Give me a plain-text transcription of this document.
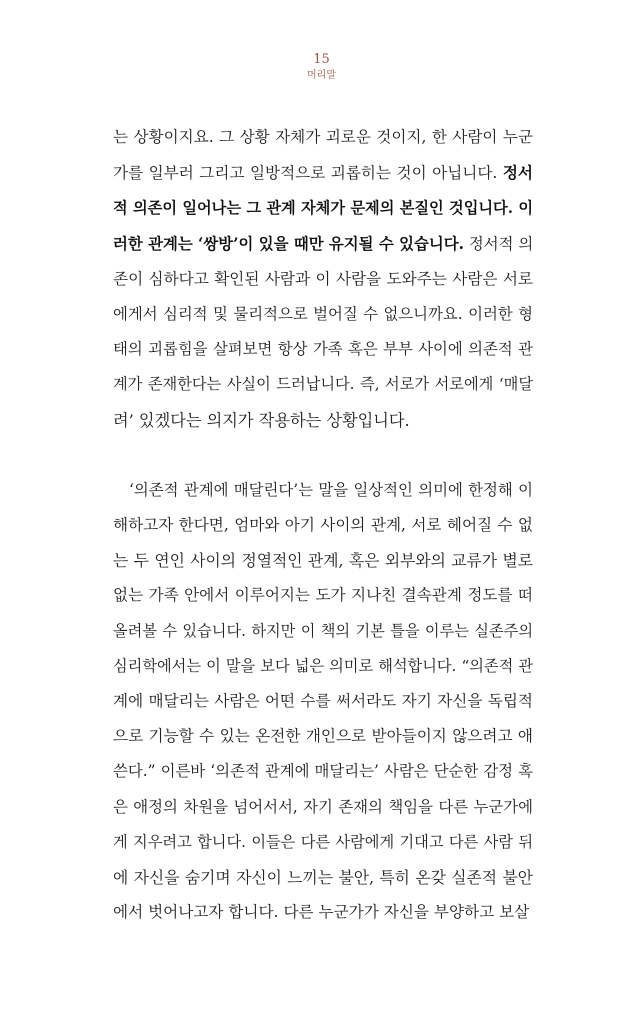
15
머리말
는 상황이지요. 그 상황 자체가 괴로운 것이지, 한 사람이 누군
가를 일부러 그리고 일방적으로 괴롭히는 것이 아닙니다. 정서
적 의존이 일어나는 그 관계 자체가 문제의 본질인 것입니다. 이
러한 관계는 ‘쌍방’이 있을 때만 유지될 수 있습니다. 정서적 의
존이 심하다고 확인된 사람과 이 사람을 도와주는 사람은 서로
에게서 심리적 및 물리적으로 벌어질 수 없으니까요. 이러한 형
태의 괴롭힘을 살펴보면 항상 가족 혹은 부부 사이에 의존적 관
계가 존재한다는 사실이 드러납니다. 즉, 서로가 서로에게 ‘매달
려’ 있겠다는 의지가 작용하는 상황입니다.
‘의존적 관계에 매달린다’는 말을 일상적인 의미에 한정해 이
해하고자 한다면, 엄마와 아기 사이의 관계, 서로 헤어질 수 없
는 두 연인 사이의 정열적인 관계, 혹은 외부와의 교류가 별로
없는 가족 안에서 이루어지는 도가 지나친 결속관계 정도를 떠
올려볼 수 있습니다. 하지만 이 책의 기본 틀을 이루는 실존주의
심리학에서는 이 말을 보다 넓은 의미로 해석합니다. “의존적 관
계에 매달리는 사람은 어떤 수를 써서라도 자기 자신을 독립적
으로 기능할 수 있는 온전한 개인으로 받아들이지 않으려고 애
쓴다.” 이른바 ‘의존적 관계에 매달리는’ 사람은 단순한 감정 혹
은 애정의 차원을 넘어서서, 자기 존재의 책임을 다른 누군가에
게 지우려고 합니다. 이들은 다른 사람에게 기대고 다른 사람 뒤
에 자신을 숨기며 자신이 느끼는 불안, 특히 온갖 실존적 불안
에서 벗어나고자 합니다. 다른 누군가가 자신을 부양하고 보살
